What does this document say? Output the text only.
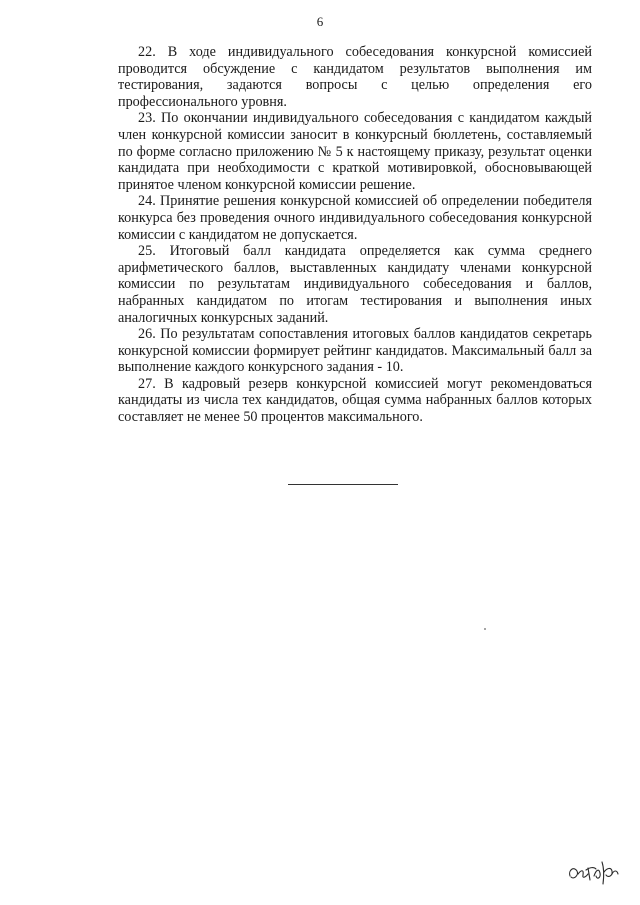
6

22. В ходе индивидуального собеседования конкурсной комиссией проводится обсуждение с кандидатом результатов выполнения им тестирования, задаются вопросы с целью определения его профессионального уровня.

23. По окончании индивидуального собеседования с кандидатом каждый член конкурсной комиссии заносит в конкурсный бюллетень, составляемый по форме согласно приложению № 5 к настоящему приказу, результат оценки кандидата при необходимости с краткой мотивировкой, обосновывающей принятое членом конкурсной комиссии решение.

24. Принятие решения конкурсной комиссией об определении победителя конкурса без проведения очного индивидуального собеседования конкурсной комиссии с кандидатом не допускается.

25. Итоговый балл кандидата определяется как сумма среднего арифметического баллов, выставленных кандидату членами конкурсной комиссии по результатам индивидуального собеседования и баллов, набранных кандидатом по итогам тестирования и выполнения иных аналогичных конкурсных заданий.

26. По результатам сопоставления итоговых баллов кандидатов секретарь конкурсной комиссии формирует рейтинг кандидатов. Максимальный балл за выполнение каждого конкурсного задания - 10.

27. В кадровый резерв конкурсной комиссией могут рекомендоваться кандидаты из числа тех кандидатов, общая сумма набранных баллов которых составляет не менее 50 процентов максимального.
